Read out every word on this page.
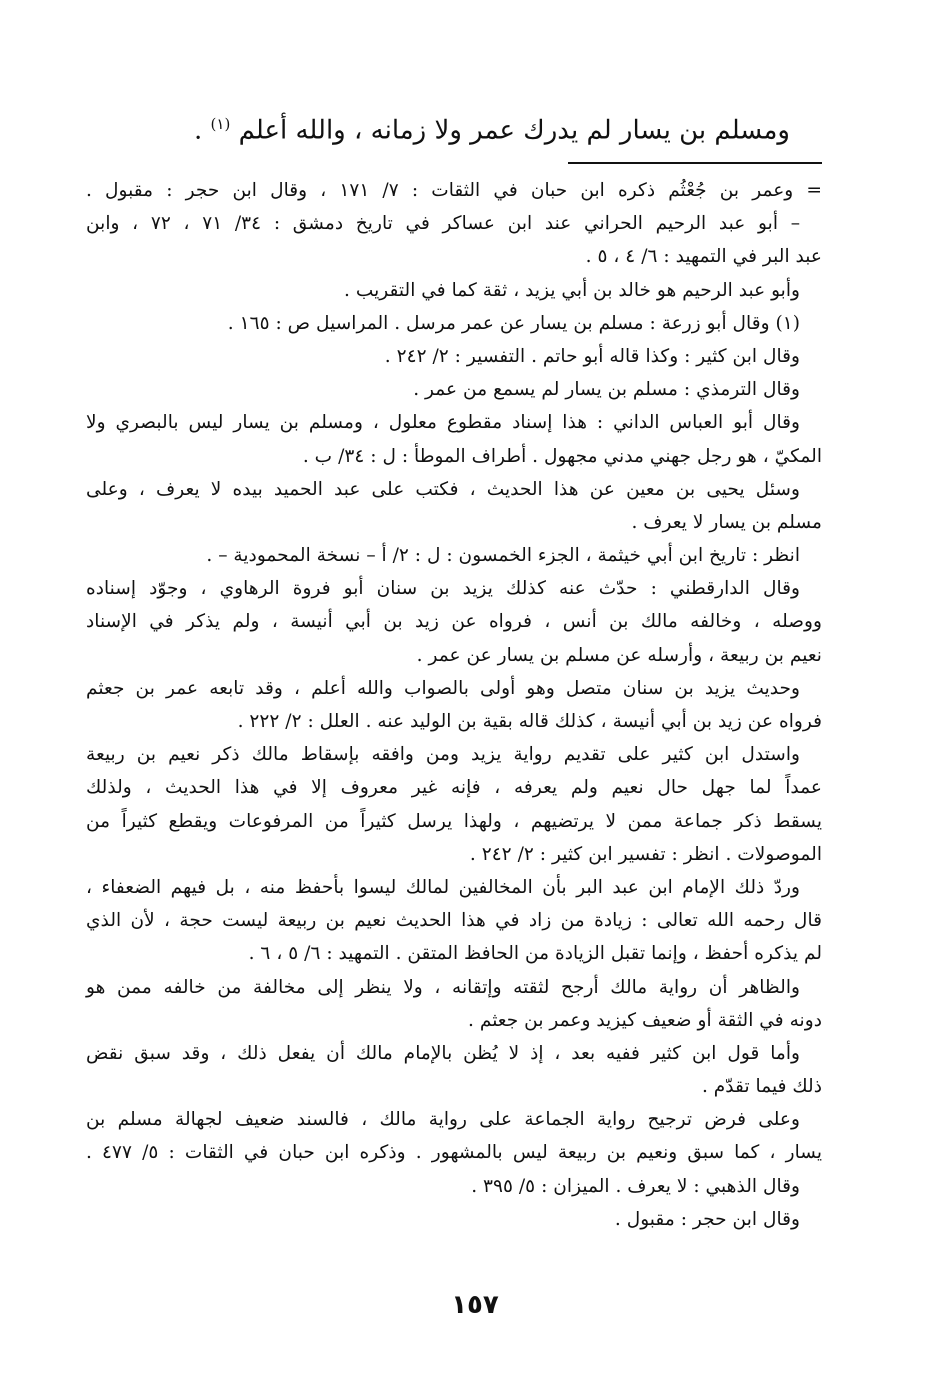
ومسلم بن يسار لم يدرك عمر ولا زمانه ، والله أعلم $^{(١)}$ .
= وعمر بن جُعْثُم ذكره ابن حبان في الثقات : ٧/ ١٧١ ، وقال ابن حجر : مقبول .
– أبو عبد الرحيم الحراني عند ابن عساكر في تاريخ دمشق : ٣٤/ ٧١ ، ٧٢ ، وابن
عبد البر في التمهيد : ٦/ ٤ ، ٥ .
وأبو عبد الرحيم هو خالد بن أبي يزيد ، ثقة كما في التقريب .
(١) وقال أبو زرعة : مسلم بن يسار عن عمر مرسل . المراسيل ص : ١٦٥ .
وقال ابن كثير : وكذا قاله أبو حاتم . التفسير : ٢/ ٢٤٢ .
وقال الترمذي : مسلم بن يسار لم يسمع من عمر .
وقال أبو العباس الداني : هذا إسناد مقطوع معلول ، ومسلم بن يسار ليس بالبصري ولا
المكيّ ، هو رجل جهني مدني مجهول . أطراف الموطأ : ل : ٣٤/ ب .
وسئل يحيى بن معين عن هذا الحديث ، فكتب على عبد الحميد بيده لا يعرف ، وعلى
مسلم بن يسار لا يعرف .
انظر : تاريخ ابن أبي خيثمة ، الجزء الخمسون : ل : ٢/ أ – نسخة المحمودية – .
وقال الدارقطني : حدّث عنه كذلك يزيد بن سنان أبو فروة الرهاوي ، وجوّد إسناده
ووصله ، وخالفه مالك بن أنس ، فرواه عن زيد بن أبي أنيسة ، ولم يذكر في الإسناد
نعيم بن ربيعة ، وأرسله عن مسلم بن يسار عن عمر .
وحديث يزيد بن سنان متصل وهو أولى بالصواب والله أعلم ، وقد تابعه عمر بن جعثم
فرواه عن زيد بن أبي أنيسة ، كذلك قاله بقية بن الوليد عنه . العلل : ٢/ ٢٢٢ .
واستدل ابن كثير على تقديم رواية يزيد ومن وافقه بإسقاط مالك ذكر نعيم بن ربيعة
عمداً لما جهل حال نعيم ولم يعرفه ، فإنه غير معروف إلا في هذا الحديث ، ولذلك
يسقط ذكر جماعة ممن لا يرتضيهم ، ولهذا يرسل كثيراً من المرفوعات ويقطع كثيراً من
الموصولات . انظر : تفسير ابن كثير : ٢/ ٢٤٢ .
وردّ ذلك الإمام ابن عبد البر بأن المخالفين لمالك ليسوا بأحفظ منه ، بل فيهم الضعفاء ،
قال رحمه الله تعالى : زيادة من زاد في هذا الحديث نعيم بن ربيعة ليست حجة ، لأن الذي
لم يذكره أحفظ ، وإنما تقبل الزيادة من الحافظ المتقن . التمهيد : ٦/ ٥ ، ٦ .
والظاهر أن رواية مالك أرجح لثقته وإتقانه ، ولا ينظر إلى مخالفة من خالفه ممن هو
دونه في الثقة أو ضعيف كيزيد وعمر بن جعثم .
وأما قول ابن كثير ففيه بعد ، إذ لا يُظن بالإمام مالك أن يفعل ذلك ، وقد سبق نقض
ذلك فيما تقدّم .
وعلى فرض ترجيح رواية الجماعة على رواية مالك ، فالسند ضعيف لجهالة مسلم بن
يسار ، كما سبق ونعيم بن ربيعة ليس بالمشهور . وذكره ابن حبان في الثقات : ٥/ ٤٧٧ .
وقال الذهبي : لا يعرف . الميزان : ٥/ ٣٩٥ .
وقال ابن حجر : مقبول .
١٥٧
